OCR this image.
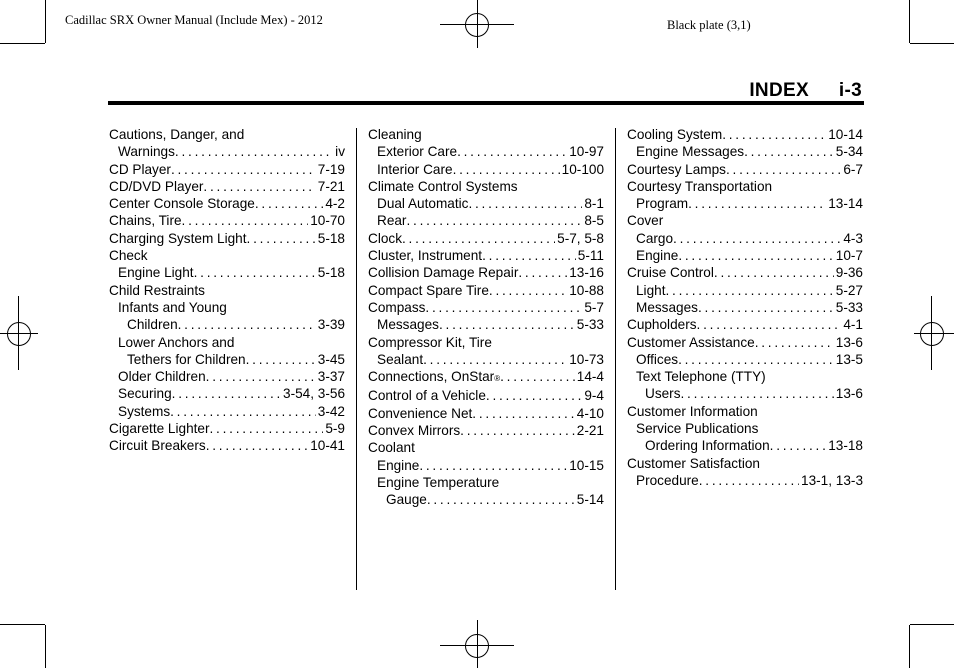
Cadillac SRX Owner Manual (Include Mex) - 2012	Black plate (3,1)
INDEX i-3
Cautions, Danger, and
Warnings . . .	iv
CD Player . . .	7-19
CD/DVD Player . . .	7-21
Center Console Storage . . .	4-2
Chains, Tire . . .	10-70
Charging System Light . . .	5-18
Check
Engine Light . . .	5-18
Child Restraints
Infants and Young
Children . . .	3-39
Lower Anchors and
Tethers for Children . . .	3-45
Older Children . . .	3-37
Securing . . .	3-54, 3-56
Systems . . .	3-42
Cigarette Lighter . . .	5-9
Circuit Breakers . . .	10-41
Cleaning
Exterior Care . . .	10-97
Interior Care . . .	10-100
Climate Control Systems
Dual Automatic . . .	8-1
Rear . . .	8-5
Clock . . .	5-7, 5-8
Cluster, Instrument . . .	5-11
Collision Damage Repair . . .	13-16
Compact Spare Tire . . .	10-88
Compass . . .	5-7
Messages . . .	5-33
Compressor Kit, Tire
Sealant . . .	10-73
Connections, OnStar ® . . .	14-4
Control of a Vehicle . . .	9-4
Convenience Net . . .	4-10
Convex Mirrors . . .	2-21
Coolant
Engine . . .	10-15
Engine Temperature
Gauge . . .	5-14
Cooling System . . .	10-14
Engine Messages . . .	5-34
Courtesy Lamps . . .	6-7
Courtesy Transportation
Program . . .	13-14
Cover
Cargo . . .	4-3
Engine . . .	10-7
Cruise Control . . .	9-36
Light . . .	5-27
Messages . . .	5-33
Cupholders . . .	4-1
Customer Assistance . . .	13-6
Offices . . .	13-5
Text Telephone (TTY)
Users . . .	13-6
Customer Information
Service Publications
Ordering Information . . .	13-18
Customer Satisfaction
Procedure . . .	13-1, 13-3
